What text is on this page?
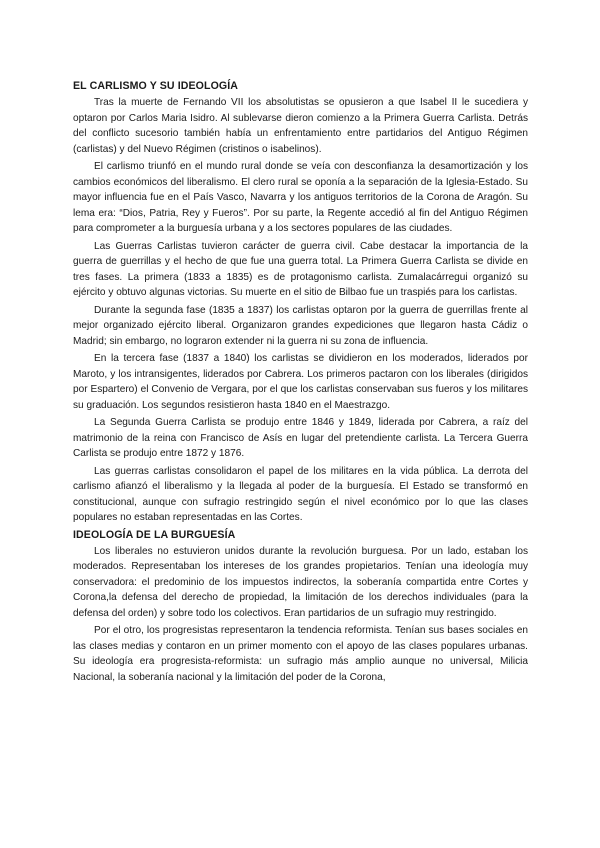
EL CARLISMO Y SU IDEOLOGÍA

Tras la muerte de Fernando VII los absolutistas se opusieron a que Isabel II le sucediera y optaron por Carlos Maria Isidro. Al sublevarse dieron comienzo a la Primera Guerra Carlista. Detrás del conflicto sucesorio también había un enfrentamiento entre partidarios del Antiguo Régimen (carlistas) y del Nuevo Régimen (cristinos o isabelinos).

El carlismo triunfó en el mundo rural donde se veía con desconfianza la desamortización y los cambios económicos del liberalismo. El clero rural se oponía a la separación de la Iglesia-Estado. Su mayor influencia fue en el País Vasco, Navarra y los antiguos territorios de la Corona de Aragón. Su lema era: “Dios, Patria, Rey y Fueros”. Por su parte, la Regente accedió al fin del Antiguo Régimen para comprometer a la burguesía urbana y a los sectores populares de las ciudades.

Las Guerras Carlistas tuvieron carácter de guerra civil. Cabe destacar la importancia de la guerra de guerrillas y el hecho de que fue una guerra total. La Primera Guerra Carlista se divide en tres fases. La primera (1833 a 1835) es de protagonismo carlista. Zumalacárregui organizó su ejército y obtuvo algunas victorias. Su muerte en el sitio de Bilbao fue un traspiés para los carlistas.

Durante la segunda fase (1835 a 1837) los carlistas optaron por la guerra de guerrillas frente al mejor organizado ejército liberal. Organizaron grandes expediciones que llegaron hasta Cádiz o Madrid; sin embargo, no lograron extender ni la guerra ni su zona de influencia.

En la tercera fase (1837 a 1840) los carlistas se dividieron en los moderados, liderados por Maroto, y los intransigentes, liderados por Cabrera. Los primeros pactaron con los liberales (dirigidos por Espartero) el Convenio de Vergara, por el que los carlistas conservaban sus fueros y los militares su graduación. Los segundos resistieron hasta 1840 en el Maestrazgo.

La Segunda Guerra Carlista se produjo entre 1846 y 1849, liderada por Cabrera, a raíz del matrimonio de la reina con Francisco de Asís en lugar del pretendiente carlista. La Tercera Guerra Carlista se produjo entre 1872 y 1876.

Las guerras carlistas consolidaron el papel de los militares en la vida pública. La derrota del carlismo afianzó el liberalismo y la llegada al poder de la burguesía. El Estado se transformó en constitucional, aunque con sufragio restringido según el nivel económico por lo que las clases populares no estaban representadas en las Cortes.

IDEOLOGÍA DE LA BURGUESÍA

Los liberales no estuvieron unidos durante la revolución burguesa. Por un lado, estaban los moderados. Representaban los intereses de los grandes propietarios. Tenían una ideología muy conservadora: el predominio de los impuestos indirectos, la soberanía compartida entre Cortes y Corona,la defensa del derecho de propiedad, la limitación de los derechos individuales (para la defensa del orden) y sobre todo los colectivos. Eran partidarios de un sufragio muy restringido.

Por el otro, los progresistas representaron la tendencia reformista. Tenían sus bases sociales en las clases medias y contaron en un primer momento con el apoyo de las clases populares urbanas. Su ideología era progresista-reformista: un sufragio más amplio aunque no universal, Milicia Nacional, la soberanía nacional y la limitación del poder de la Corona,
